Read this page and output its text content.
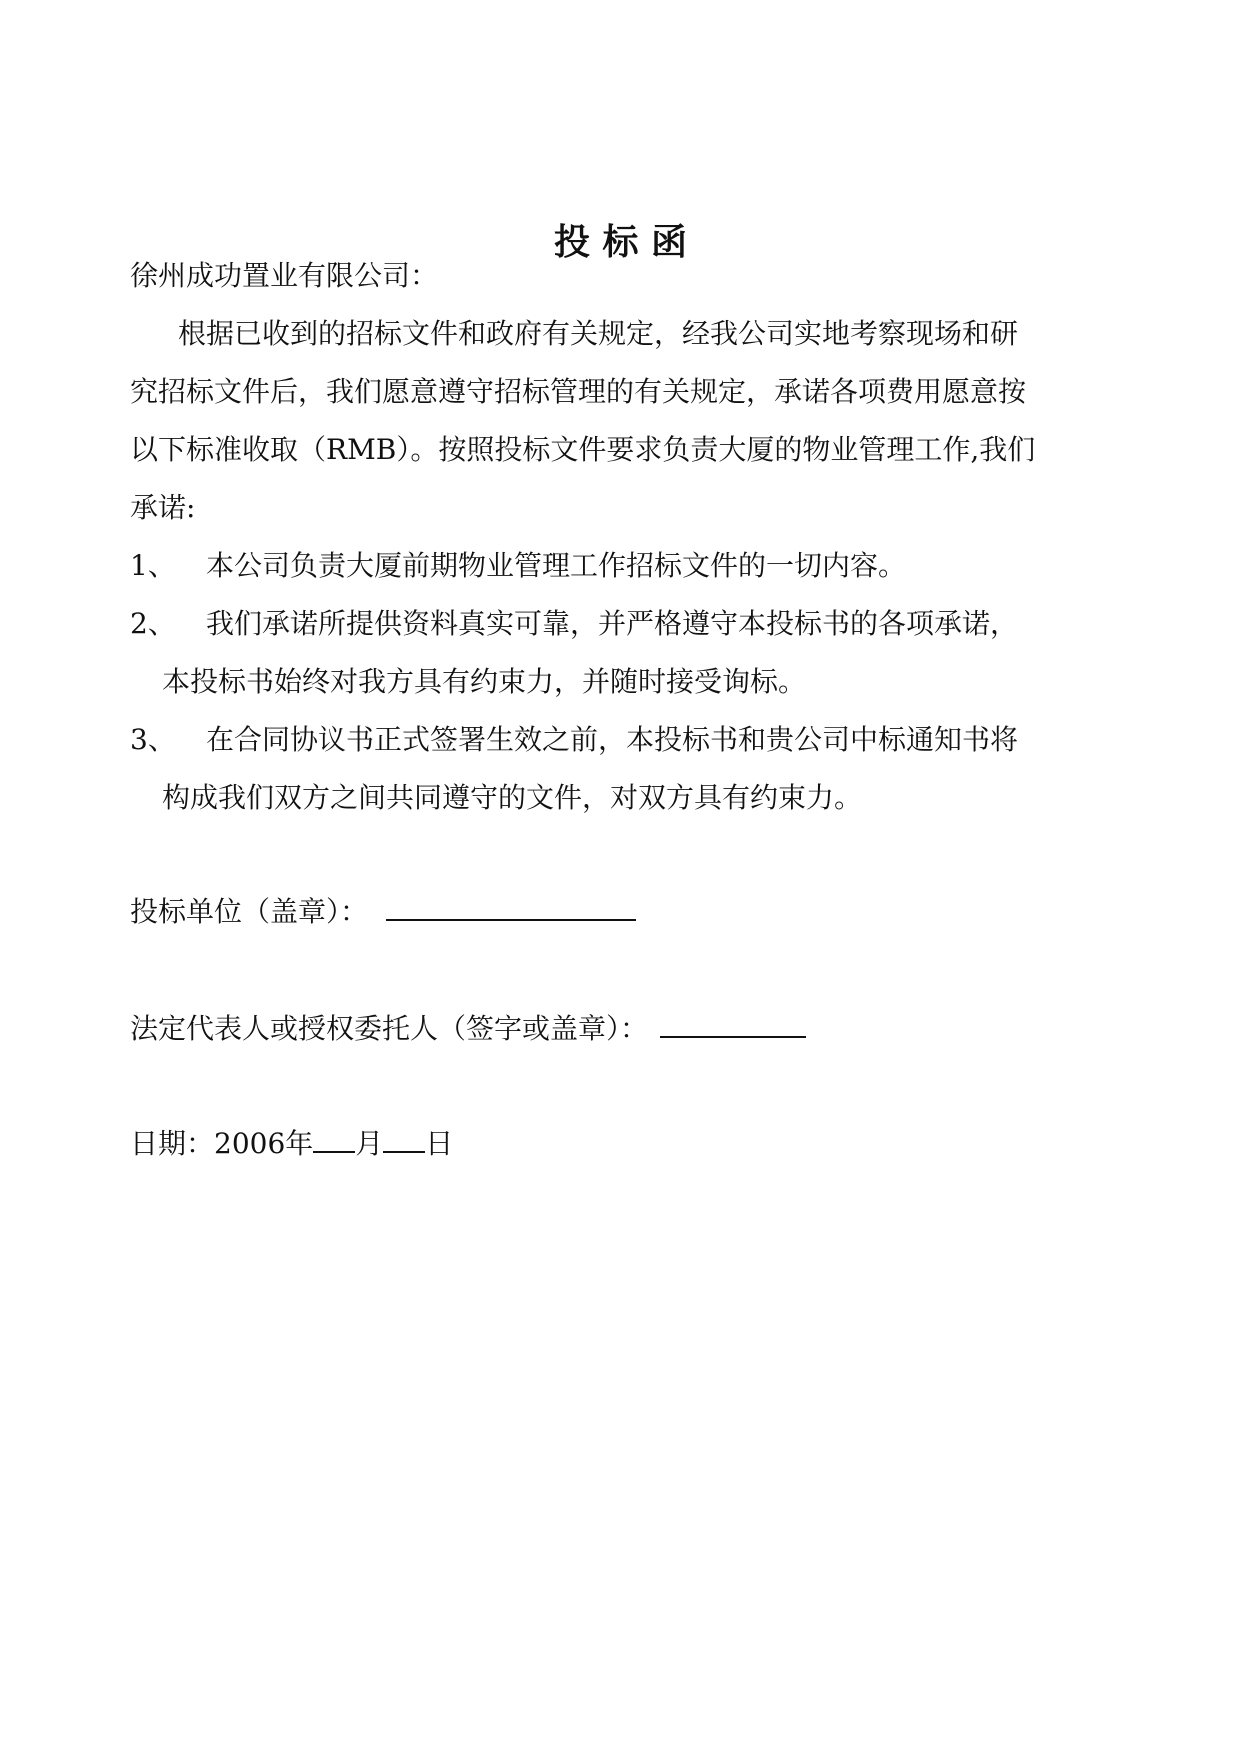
投 标 函
徐州成功置业有限公司：
根据已收到的招标文件和政府有关规定，经我公司实地考察现场和研
究招标文件后，我们愿意遵守招标管理的有关规定，承诺各项费用愿意按
以下标准收取（RMB）。按照投标文件要求负责大厦的物业管理工作,我们
承诺:
1、 本公司负责大厦前期物业管理工作招标文件的一切内容。
2、 我们承诺所提供资料真实可靠，并严格遵守本投标书的各项承诺，
本投标书始终对我方具有约束力，并随时接受询标。
3、 在合同协议书正式签署生效之前，本投标书和贵公司中标通知书将
构成我们双方之间共同遵守的文件，对双方具有约束力。
投标单位（盖章）：
法定代表人或授权委托人（签字或盖章）：
日期：2006年 月 日
